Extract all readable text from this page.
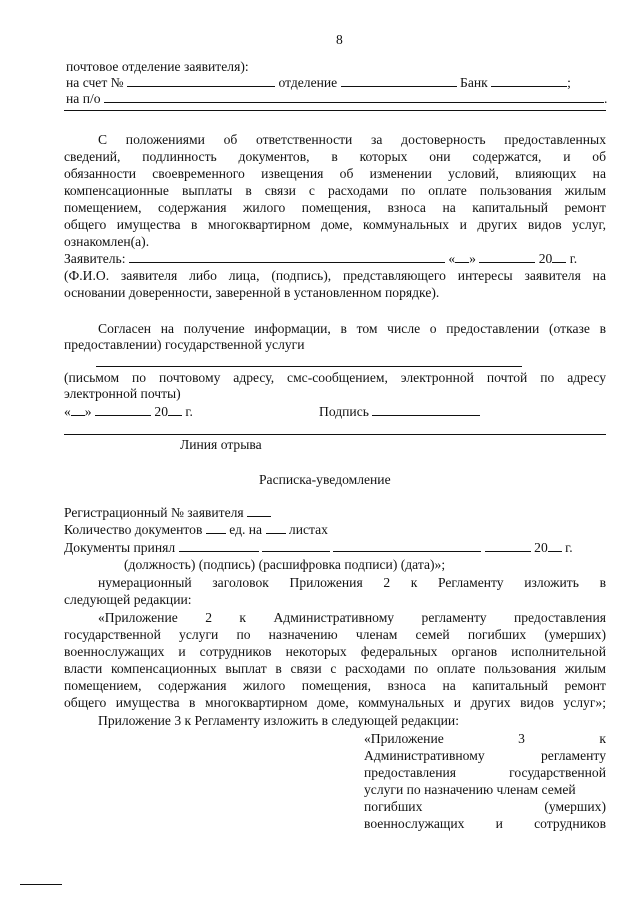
8
почтовое отделение заявителя):
на счет №	отделение	Банк	;
на п/о	.
С положениями об ответственности за достоверность предоставленных
сведений, подлинность документов, в которых они содержатся, и об
обязанности своевременного извещения об изменении условий, влияющих на
компенсационные выплаты в связи с расходами по оплате пользования жилым
помещением, содержания жилого помещения, взноса на капитальный ремонт
общего имущества в многоквартирном доме, коммунальных и других видов услуг,
ознакомлен(а).
Заявитель:	« »	20 г.
(Ф.И.О. заявителя либо лица, (подпись), представляющего интересы заявителя на
основании доверенности, заверенной в установленном порядке).
Согласен на получение информации, в том числе о предоставлении (отказе в
предоставлении) государственной услуги
(письмом по почтовому адресу, смс-сообщением, электронной почтой по адресу
электронной почты)
« »	20 г.	Подпись
Линия отрыва
Расписка-уведомление
Регистрационный № заявителя
Количество документов ед. на листах
Документы принял	20 г.
(должность) (подпись) (расшифровка подписи) (дата)»;
нумерационный заголовок Приложения 2 к Регламенту изложить в
следующей редакции:
«Приложение 2 к Административному регламенту предоставления
государственной услуги по назначению членам семей погибших (умерших)
военнослужащих и сотрудников некоторых федеральных органов исполнительной
власти компенсационных выплат в связи с расходами по оплате пользования жилым
помещением, содержания жилого помещения, взноса на капитальный ремонт
общего имущества в многоквартирном доме, коммунальных и других видов услуг»;
Приложение 3 к Регламенту изложить в следующей редакции:
«Приложение 3 к
Административному	регламенту
предоставления государственной
услуги по назначению членам семей
погибших (умерших)
военнослужащих и сотрудников
